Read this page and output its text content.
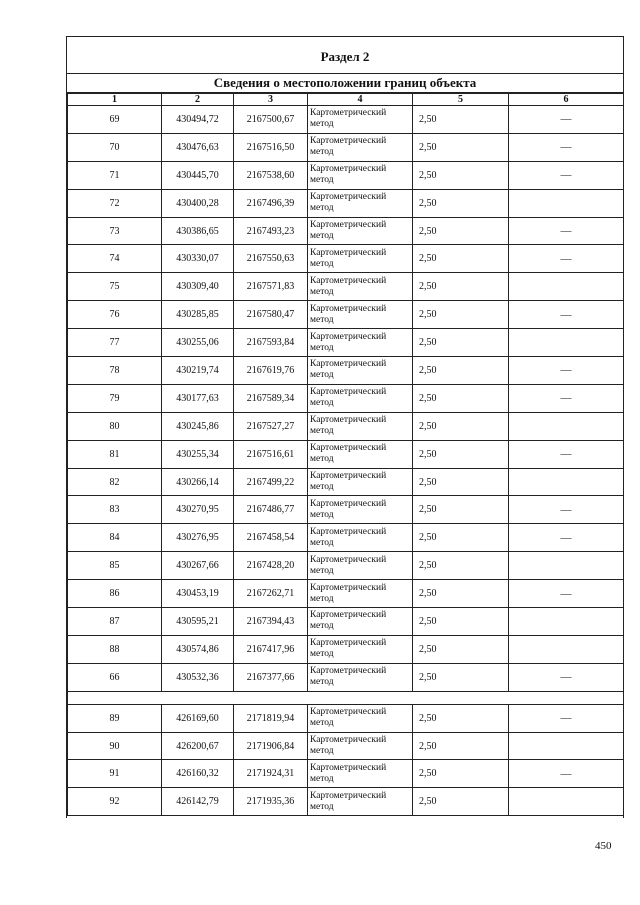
Раздел 2
Сведения о местоположении границ объекта
1	2	3	4	5	6
69	430494,72	2167500,67	Картометрический метод	2,50	—
70	430476,63	2167516,50	Картометрический метод	2,50	—
71	430445,70	2167538,60	Картометрический метод	2,50	—
72	430400,28	2167496,39	Картометрический метод	2,50	
73	430386,65	2167493,23	Картометрический метод	2,50	—
74	430330,07	2167550,63	Картометрический метод	2,50	—
75	430309,40	2167571,83	Картометрический метод	2,50	
76	430285,85	2167580,47	Картометрический метод	2,50	—
77	430255,06	2167593,84	Картометрический метод	2,50	
78	430219,74	2167619,76	Картометрический метод	2,50	—
79	430177,63	2167589,34	Картометрический метод	2,50	—
80	430245,86	2167527,27	Картометрический метод	2,50	
81	430255,34	2167516,61	Картометрический метод	2,50	—
82	430266,14	2167499,22	Картометрический метод	2,50	
83	430270,95	2167486,77	Картометрический метод	2,50	—
84	430276,95	2167458,54	Картометрический метод	2,50	—
85	430267,66	2167428,20	Картометрический метод	2,50	
86	430453,19	2167262,71	Картометрический метод	2,50	—
87	430595,21	2167394,43	Картометрический метод	2,50	
88	430574,86	2167417,96	Картометрический метод	2,50	
66	430532,36	2167377,66	Картометрический метод	2,50	—

89	426169,60	2171819,94	Картометрический метод	2,50	—
90	426200,67	2171906,84	Картометрический метод	2,50	
91	426160,32	2171924,31	Картометрический метод	2,50	—
92	426142,79	2171935,36	Картометрический метод	2,50	
450
